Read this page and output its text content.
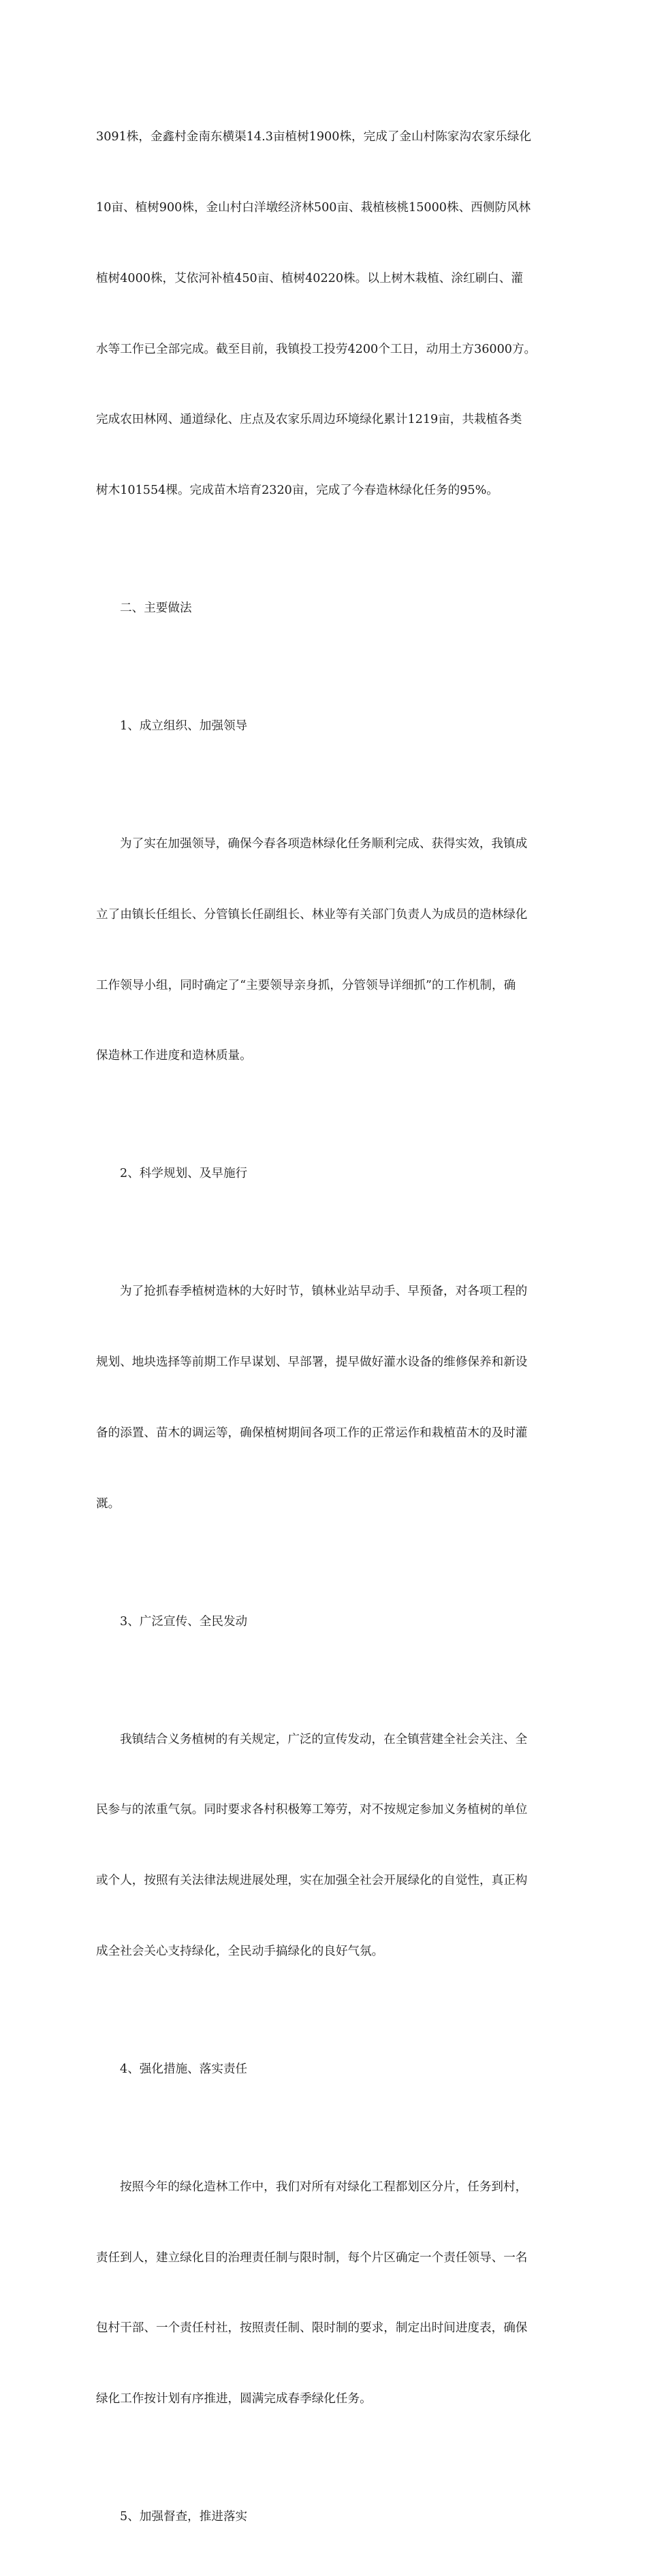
3091株，金鑫村金南东横渠14.3亩植树1900株，完成了金山村陈家沟农家乐绿化

10亩、植树900株，金山村白洋墩经济林500亩、栽植核桃15000株、西侧防风林

植树4000株，艾依河补植450亩、植树40220株。以上树木栽植、涂红刷白、灌

水等工作已全部完成。截至目前，我镇投工投劳4200个工日，动用土方36000方。

完成农田林网、通道绿化、庄点及农家乐周边环境绿化累计1219亩，共栽植各类

树木101554棵。完成苗木培育2320亩，完成了今春造林绿化任务的95%。

二、主要做法

1、成立组织、加强领导

为了实在加强领导，确保今春各项造林绿化任务顺利完成、获得实效，我镇成

立了由镇长任组长、分管镇长任副组长、林业等有关部门负责人为成员的造林绿化

工作领导小组，同时确定了“主要领导亲身抓，分管领导详细抓”的工作机制，确

保造林工作进度和造林质量。

2、科学规划、及早施行

为了抢抓春季植树造林的大好时节，镇林业站早动手、早预备，对各项工程的

规划、地块选择等前期工作早谋划、早部署，提早做好灌水设备的维修保养和新设

备的添置、苗木的调运等，确保植树期间各项工作的正常运作和栽植苗木的及时灌

溉。

3、广泛宣传、全民发动

我镇结合义务植树的有关规定，广泛的宣传发动，在全镇营建全社会关注、全

民参与的浓重气氛。同时要求各村积极筹工筹劳，对不按规定参加义务植树的单位

或个人，按照有关法律法规进展处理，实在加强全社会开展绿化的自觉性，真正构

成全社会关心支持绿化，全民动手搞绿化的良好气氛。

4、强化措施、落实责任

按照今年的绿化造林工作中，我们对所有对绿化工程都划区分片，任务到村，

责任到人，建立绿化目的治理责任制与限时制，每个片区确定一个责任领导、一名

包村干部、一个责任村社，按照责任制、限时制的要求，制定出时间进度表，确保

绿化工作按计划有序推进，圆满完成春季绿化任务。

5、加强督查，推进落实
